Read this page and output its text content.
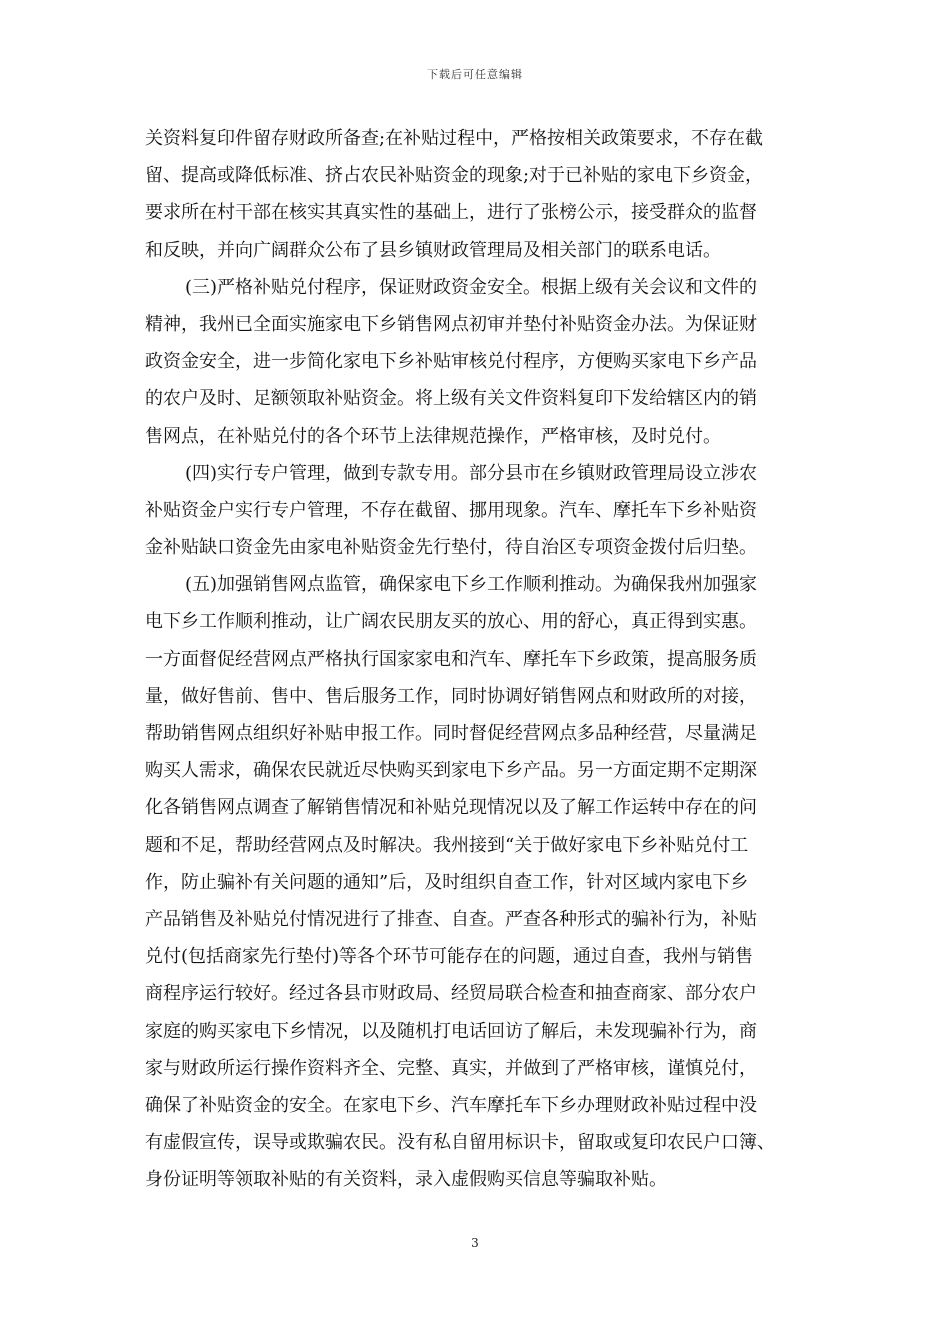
下载后可任意编辑
关资料复印件留存财政所备查;在补贴过程中，严格按相关政策要求，不存在截
留、提高或降低标准、挤占农民补贴资金的现象;对于已补贴的家电下乡资金，
要求所在村干部在核实其真实性的基础上，进行了张榜公示，接受群众的监督
和反映，并向广阔群众公布了县乡镇财政管理局及相关部门的联系电话。
(三)严格补贴兑付程序，保证财政资金安全。根据上级有关会议和文件的
精神，我州已全面实施家电下乡销售网点初审并垫付补贴资金办法。为保证财
政资金安全，进一步简化家电下乡补贴审核兑付程序，方便购买家电下乡产品
的农户及时、足额领取补贴资金。将上级有关文件资料复印下发给辖区内的销
售网点，在补贴兑付的各个环节上法律规范操作，严格审核，及时兑付。
(四)实行专户管理，做到专款专用。部分县市在乡镇财政管理局设立涉农
补贴资金户实行专户管理，不存在截留、挪用现象。汽车、摩托车下乡补贴资
金补贴缺口资金先由家电补贴资金先行垫付，待自治区专项资金拨付后归垫。
(五)加强销售网点监管，确保家电下乡工作顺利推动。为确保我州加强家
电下乡工作顺利推动，让广阔农民朋友买的放心、用的舒心，真正得到实惠。
一方面督促经营网点严格执行国家家电和汽车、摩托车下乡政策，提高服务质
量，做好售前、售中、售后服务工作，同时协调好销售网点和财政所的对接，
帮助销售网点组织好补贴申报工作。同时督促经营网点多品种经营，尽量满足
购买人需求，确保农民就近尽快购买到家电下乡产品。另一方面定期不定期深
化各销售网点调查了解销售情况和补贴兑现情况以及了解工作运转中存在的问
题和不足，帮助经营网点及时解决。我州接到“关于做好家电下乡补贴兑付工
作，防止骗补有关问题的通知”后，及时组织自查工作，针对区域内家电下乡
产品销售及补贴兑付情况进行了排查、自查。严查各种形式的骗补行为，补贴
兑付(包括商家先行垫付)等各个环节可能存在的问题，通过自查，我州与销售
商程序运行较好。经过各县市财政局、经贸局联合检查和抽查商家、部分农户
家庭的购买家电下乡情况，以及随机打电话回访了解后，未发现骗补行为，商
家与财政所运行操作资料齐全、完整、真实，并做到了严格审核，谨慎兑付，
确保了补贴资金的安全。在家电下乡、汽车摩托车下乡办理财政补贴过程中没
有虚假宣传，误导或欺骗农民。没有私自留用标识卡，留取或复印农民户口簿、
身份证明等领取补贴的有关资料，录入虚假购买信息等骗取补贴。
3
